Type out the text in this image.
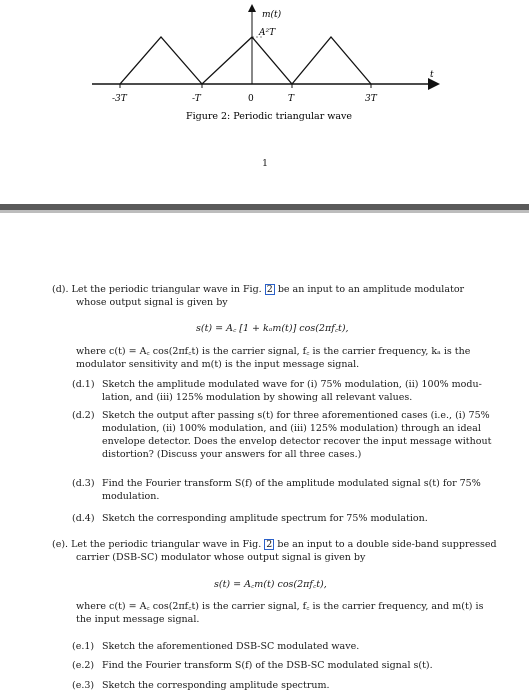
m(t)
A²T
t
-3T	-T	0	T	3T
Figure 2: Periodic triangular wave
1
(d). Let the periodic triangular wave in Fig. 2 be an input to an amplitude modulator
whose output signal is given by
s(t) = A꜀ [1 + kₐm(t)] cos(2πf꜀t),
where c(t) = A꜀ cos(2πf꜀t) is the carrier signal, f꜀ is the carrier frequency, kₐ is the
modulator sensitivity and m(t) is the input message signal.
(d.1) Sketch the amplitude modulated wave for (i) 75% modulation, (ii) 100% modu-
lation, and (iii) 125% modulation by showing all relevant values.
(d.2) Sketch the output after passing s(t) for three aforementioned cases (i.e., (i) 75%
modulation, (ii) 100% modulation, and (iii) 125% modulation) through an ideal
envelope detector. Does the envelop detector recover the input message without
distortion? (Discuss your answers for all three cases.)
(d.3) Find the Fourier transform S(f) of the amplitude modulated signal s(t) for 75%
modulation.
(d.4) Sketch the corresponding amplitude spectrum for 75% modulation.
(e). Let the periodic triangular wave in Fig. 2 be an input to a double side-band suppressed
carrier (DSB-SC) modulator whose output signal is given by
s(t) = A꜀m(t) cos(2πf꜀t),
where c(t) = A꜀ cos(2πf꜀t) is the carrier signal, f꜀ is the carrier frequency, and m(t) is
the input message signal.
(e.1) Sketch the aforementioned DSB-SC modulated wave.
(e.2) Find the Fourier transform S(f) of the DSB-SC modulated signal s(t).
(e.3) Sketch the corresponding amplitude spectrum.
